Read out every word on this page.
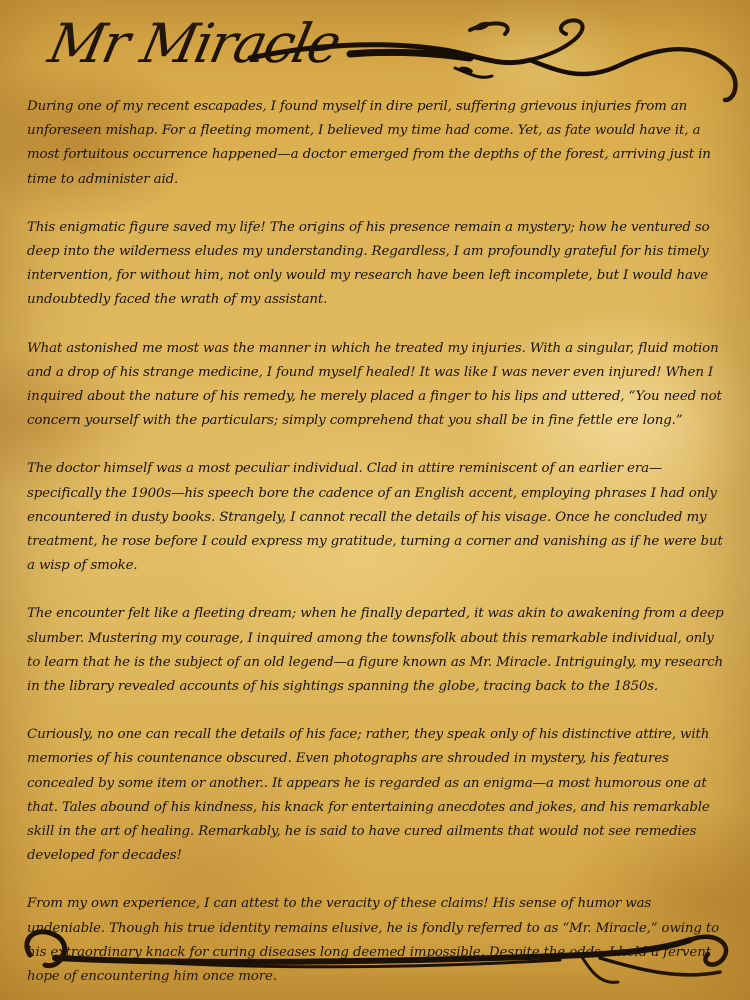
Mr Miracle

During one of my recent escapades, I found myself in dire peril, suffering grievous injuries from an unforeseen mishap. For a fleeting moment, I believed my time had come. Yet, as fate would have it, a most fortuitous occurrence happened—a doctor emerged from the depths of the forest, arriving just in time to administer aid.

This enigmatic figure saved my life! The origins of his presence remain a mystery; how he ventured so deep into the wilderness eludes my understanding. Regardless, I am profoundly grateful for his timely intervention, for without him, not only would my research have been left incomplete, but I would have undoubtedly faced the wrath of my assistant.

What astonished me most was the manner in which he treated my injuries. With a singular, fluid motion and a drop of his strange medicine, I found myself healed! It was like I was never even injured! When I inquired about the nature of his remedy, he merely placed a finger to his lips and uttered, “You need not concern yourself with the particulars; simply comprehend that you shall be in fine fettle ere long.”

The doctor himself was a most peculiar individual. Clad in attire reminiscent of an earlier era—specifically the 1900s—his speech bore the cadence of an English accent, employing phrases I had only encountered in dusty books. Strangely, I cannot recall the details of his visage. Once he concluded my treatment, he rose before I could express my gratitude, turning a corner and vanishing as if he were but a wisp of smoke.

The encounter felt like a fleeting dream; when he finally departed, it was akin to awakening from a deep slumber. Mustering my courage, I inquired among the townsfolk about this remarkable individual, only to learn that he is the subject of an old legend—a figure known as Mr. Miracle. Intriguingly, my research in the library revealed accounts of his sightings spanning the globe, tracing back to the 1850s.

Curiously, no one can recall the details of his face; rather, they speak only of his distinctive attire, with memories of his countenance obscured. Even photographs are shrouded in mystery, his features concealed by some item or another.. It appears he is regarded as an enigma—a most humorous one at that. Tales abound of his kindness, his knack for entertaining anecdotes and jokes, and his remarkable skill in the art of healing. Remarkably, he is said to have cured ailments that would not see remedies developed for decades!

From my own experience, I can attest to the veracity of these claims! His sense of humor was undeniable. Though his true identity remains elusive, he is fondly referred to as “Mr. Miracle,” owing to his extraordinary knack for curing diseases long deemed impossible. Despite the odds, I hold a fervent hope of encountering him once more.
